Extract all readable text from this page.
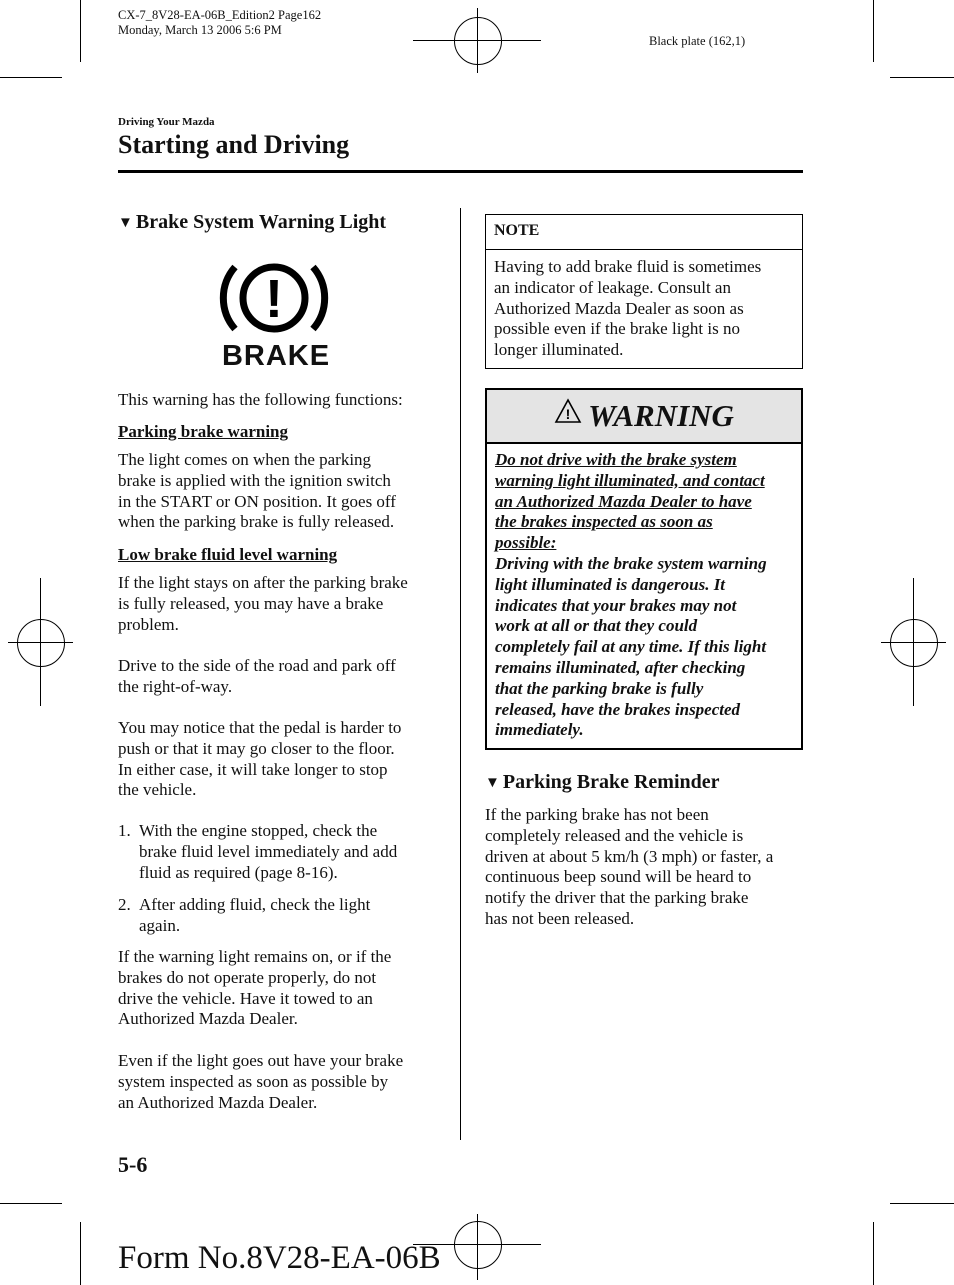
CX-7_8V28-EA-06B_Edition2 Page162
Monday, March 13 2006 5:6 PM
Black plate (162,1)
Driving Your Mazda
Starting and Driving
▼ Brake System Warning Light
!
BRAKE
This warning has the following functions:
Parking brake warning
The light comes on when the parking
brake is applied with the ignition switch
in the START or ON position. It goes off
when the parking brake is fully released.
Low brake fluid level warning
If the light stays on after the parking brake
is fully released, you may have a brake
problem.
Drive to the side of the road and park off
the right-of-way.
You may notice that the pedal is harder to
push or that it may go closer to the floor.
In either case, it will take longer to stop
the vehicle.
1. With the engine stopped, check the
brake fluid level immediately and add
fluid as required (page 8-16).
2. After adding fluid, check the light
again.
If the warning light remains on, or if the
brakes do not operate properly, do not
drive the vehicle. Have it towed to an
Authorized Mazda Dealer.
Even if the light goes out have your brake
system inspected as soon as possible by
an Authorized Mazda Dealer.
NOTE
Having to add brake fluid is sometimes
an indicator of leakage. Consult an
Authorized Mazda Dealer as soon as
possible even if the brake light is no
longer illuminated.
! WARNING
Do not drive with the brake system
warning light illuminated, and contact
an Authorized Mazda Dealer to have
the brakes inspected as soon as
possible:
Driving with the brake system warning
light illuminated is dangerous. It
indicates that your brakes may not
work at all or that they could
completely fail at any time. If this light
remains illuminated, after checking
that the parking brake is fully
released, have the brakes inspected
immediately.
▼ Parking Brake Reminder
If the parking brake has not been
completely released and the vehicle is
driven at about 5 km/h (3 mph) or faster, a
continuous beep sound will be heard to
notify the driver that the parking brake
has not been released.
5-6
Form No.8V28-EA-06B
